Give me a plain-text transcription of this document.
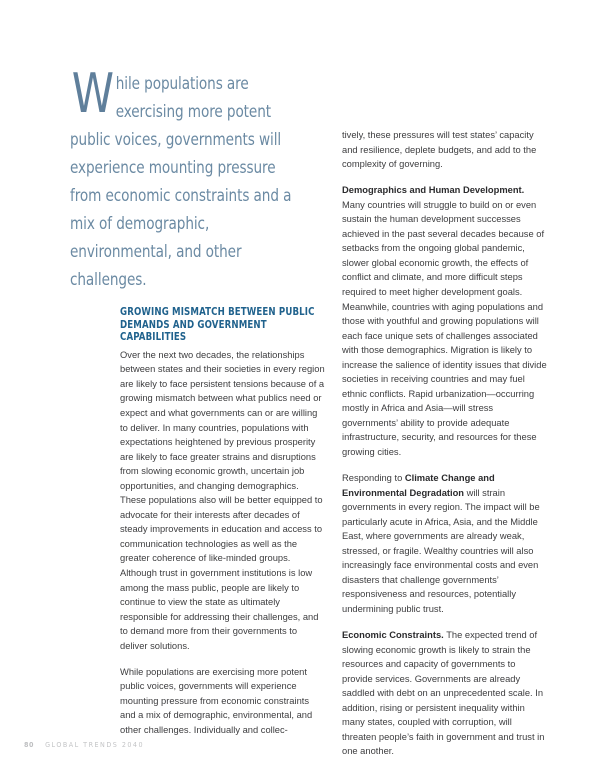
W hile populations are
exercising more potent
public voices, governments will experience mounting pressure from economic constraints and a mix of demographic, environmental, and other challenges.
GROWING MISMATCH BETWEEN PUBLIC DEMANDS AND GOVERNMENT CAPABILITIES

Over the next two decades, the relationships between states and their societies in every region are likely to face persistent tensions because of a growing mismatch between what publics need or expect and what governments can or are willing to deliver. In many countries, populations with expectations heightened by previous prosperity are likely to face greater strains and disruptions from slowing economic growth, uncertain job opportunities, and changing demographics. These populations also will be better equipped to advocate for their interests after decades of steady improvements in education and access to communication technologies as well as the greater coherence of like-minded groups. Although trust in government institutions is low among the mass public, people are likely to continue to view the state as ultimately responsible for addressing their challenges, and to demand more from their governments to deliver solutions.

While populations are exercising more potent public voices, governments will experience mounting pressure from economic constraints and a mix of demographic, environmental, and other challenges. Individually and collec-

tively, these pressures will test states’ capacity and resilience, deplete budgets, and add to the complexity of governing.

Demographics and Human Development. Many countries will struggle to build on or even sustain the human development successes achieved in the past several decades because of setbacks from the ongoing global pandemic, slower global economic growth, the effects of conflict and climate, and more difficult steps required to meet higher development goals. Meanwhile, countries with aging populations and those with youthful and growing populations will each face unique sets of challenges associated with those demographics. Migration is likely to increase the salience of identity issues that divide societies in receiving countries and may fuel ethnic conflicts. Rapid urbanization—occurring mostly in Africa and Asia—will stress governments’ ability to provide adequate infrastructure, security, and resources for these growing cities.

Responding to Climate Change and Environmental Degradation will strain governments in every region. The impact will be particularly acute in Africa, Asia, and the Middle East, where governments are already weak, stressed, or fragile. Wealthy countries will also increasingly face environmental costs and even disasters that challenge governments’ responsiveness and resources, potentially undermining public trust.

Economic Constraints. The expected trend of slowing economic growth is likely to strain the resources and capacity of governments to provide services. Governments are already saddled with debt on an unprecedented scale. In addition, rising or persistent inequality within many states, coupled with corruption, will threaten people’s faith in government and trust in one another.

80 GLOBAL TRENDS 2040
